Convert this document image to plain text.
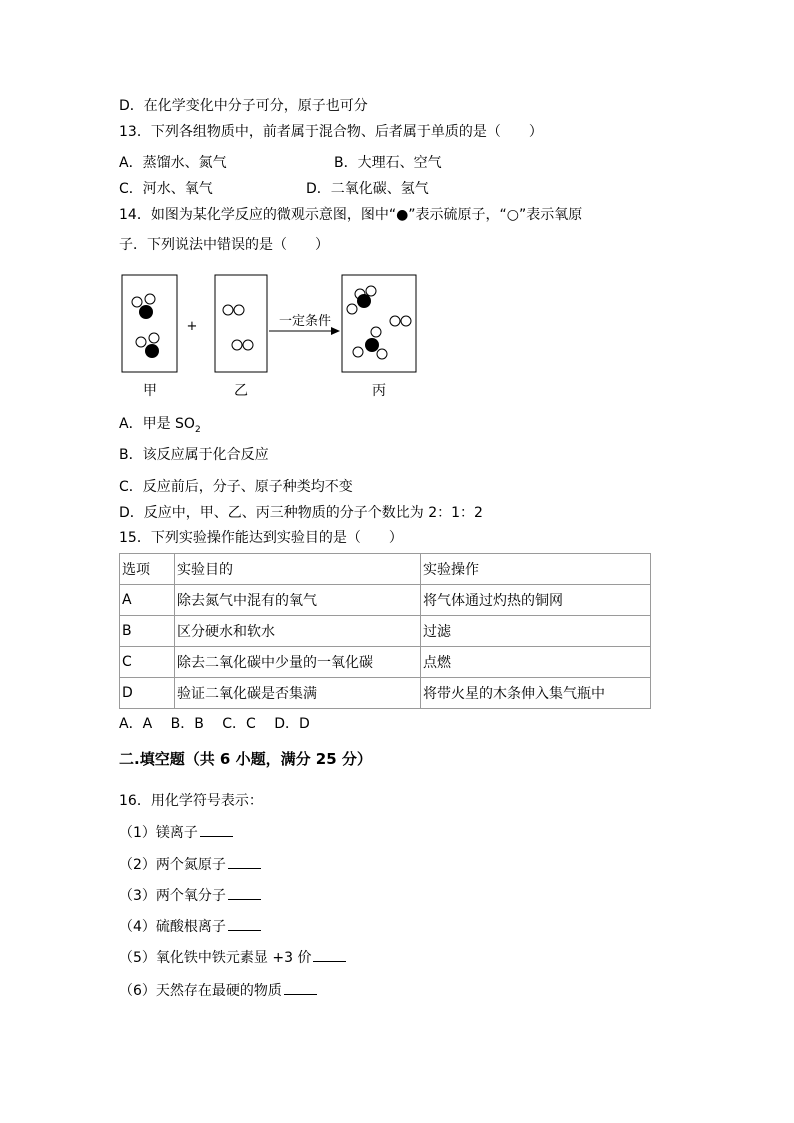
D．在化学变化中分子可分，原子也可分
13．下列各组物质中，前者属于混合物、后者属于单质的是（　　）
A．蒸馏水、氮气	B．大理石、空气
C．河水、氧气	D．二氧化碳、氢气
14．如图为某化学反应的微观示意图，图中“●”表示硫原子，“○”表示氧原
子．下列说法中错误的是（　　）
+	一定条件
甲	乙	丙
A．甲是 $SO_2$
B．该反应属于化合反应
C．反应前后，分子、原子种类均不变
D．反应中，甲、乙、丙三种物质的分子个数比为 2：1：2
15．下列实验操作能达到实验目的是（　　）
选项	实验目的	实验操作
A	除去氮气中混有的氧气	将气体通过灼热的铜网
B	区分硬水和软水	过滤
C	除去二氧化碳中少量的一氧化碳	点燃
D	验证二氧化碳是否集满	将带火星的木条伸入集气瓶中
A．A　 B．B　 C．C　 D．D
二.填空题（共 6 小题，满分 25 分）
16．用化学符号表示：
（1）镁离子
（2）两个氮原子
（3）两个氧分子
（4）硫酸根离子
（5）氧化铁中铁元素显 +3 价
（6）天然存在最硬的物质
